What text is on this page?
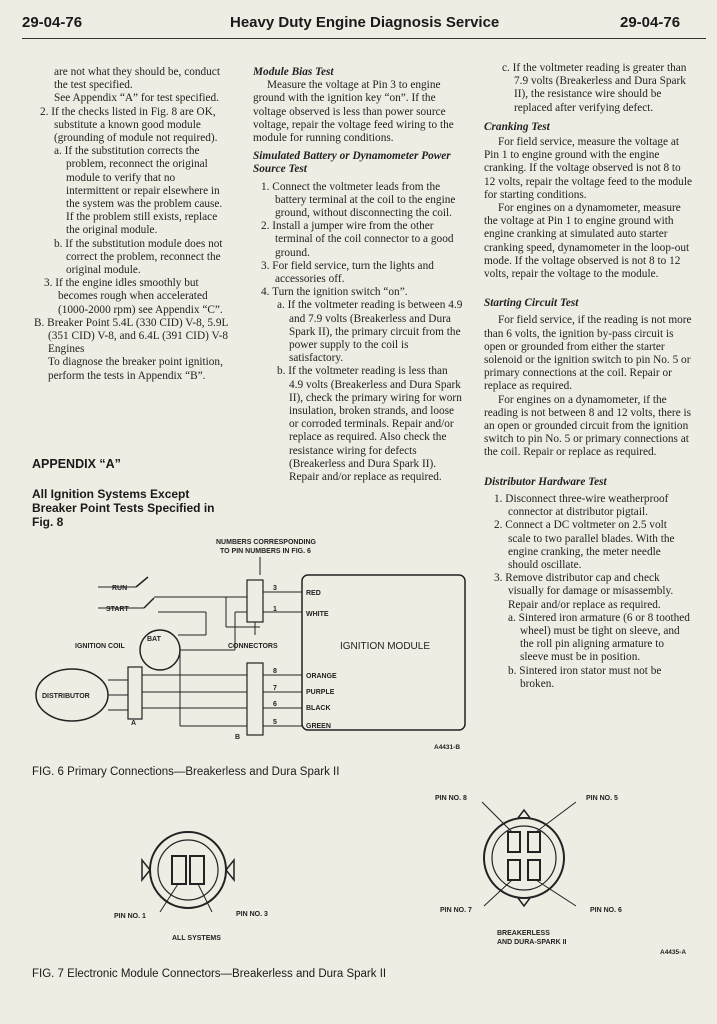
29-04-76	Heavy Duty Engine Diagnosis Service	29-04-76

are not what they should be, conduct the test specified.

See Appendix “A” for test specified.

2. If the checks listed in Fig. 8 are OK, substitute a known good module (grounding of module not required).

a. If the substitution corrects the problem, reconnect the original module to verify that no intermittent or repair elsewhere in the system was the problem cause. If the problem still exists, replace the original module.

b. If the substitution module does not correct the problem, reconnect the original module.

3. If the engine idles smoothly but becomes rough when accelerated (1000-2000 rpm) see Appendix “C”.

B. Breaker Point 5.4L (330 CID) V-8, 5.9L (351 CID) V-8, and 6.4L (391 CID) V-8 Engines

To diagnose the breaker point ignition, perform the tests in Appendix “B”.

APPENDIX “A”
All Ignition Systems Except Breaker Point Tests Specified in Fig. 8

Module Bias Test

Measure the voltage at Pin 3 to engine ground with the ignition key “on”. If the voltage observed is less than power source voltage, repair the voltage feed wiring to the module for running conditions.

Simulated Battery or Dynamometer Power Source Test

1. Connect the voltmeter leads from the battery terminal at the coil to the engine ground, without disconnecting the coil.

2. Install a jumper wire from the other terminal of the coil connector to a good ground.

3. For field service, turn the lights and accessories off.

4. Turn the ignition switch “on”.

a. If the voltmeter reading is between 4.9 and 7.9 volts (Breakerless and Dura Spark II), the primary circuit from the power supply to the coil is satisfactory.

b. If the voltmeter reading is less than 4.9 volts (Breakerless and Dura Spark II), check the primary wiring for worn insulation, broken strands, and loose or corroded terminals. Repair and/or replace as required. Also check the resistance wiring for defects (Breakerless and Dura Spark II). Repair and/or replace as required.

c. If the voltmeter reading is greater than 7.9 volts (Breakerless and Dura Spark II), the resistance wire should be replaced after verifying defect.

Cranking Test

For field service, measure the voltage at Pin 1 to engine ground with the engine cranking. If the voltage observed is not 8 to 12 volts, repair the voltage feed to the module for starting conditions.

For engines on a dynamometer, measure the voltage at Pin 1 to engine ground with engine cranking at simulated auto starter cranking speed, dynamometer in the loop-out mode. If the voltage observed is not 8 to 12 volts, repair the voltage to the module.

Starting Circuit Test

For field service, if the reading is not more than 6 volts, the ignition by-pass circuit is open or grounded from either the starter solenoid or the ignition switch to pin No. 5 or primary connections at the coil. Repair or replace as required.

For engines on a dynamometer, if the reading is not between 8 and 12 volts, there is an open or grounded circuit from the ignition switch to pin No. 5 or primary connections at the coil. Repair or replace as required.

Distributor Hardware Test

1. Disconnect three-wire weatherproof connector at distributor pigtail.

2. Connect a DC voltmeter on 2.5 volt scale to two parallel blades. With the engine cranking, the meter needle should oscillate.

3. Remove distributor cap and check visually for damage or misassembly. Repair and/or replace as required.

a. Sintered iron armature (6 or 8 toothed wheel) must be tight on sleeve, and the roll pin aligning armature to sleeve must be in position.

b. Sintered iron stator must not be broken.

NUMBERS CORRESPONDING
TO PIN NUMBERS IN FIG. 6
RUN
START
BAT
IGNITION COIL
3
1
CONNECTORS
RED
WHITE
IGNITION MODULE
ORANGE
PURPLE
BLACK
GREEN
8
7
6
5
B
DISTRIBUTOR
A
A4431-B
FIG. 6 Primary Connections—Breakerless and Dura Spark II
PIN NO. 1	PIN NO. 3
ALL SYSTEMS
PIN NO. 8	PIN NO. 5
PIN NO. 7	PIN NO. 6
BREAKERLESS
AND DURA-SPARK II
A4435-A
FIG. 7 Electronic Module Connectors—Breakerless and Dura Spark II
